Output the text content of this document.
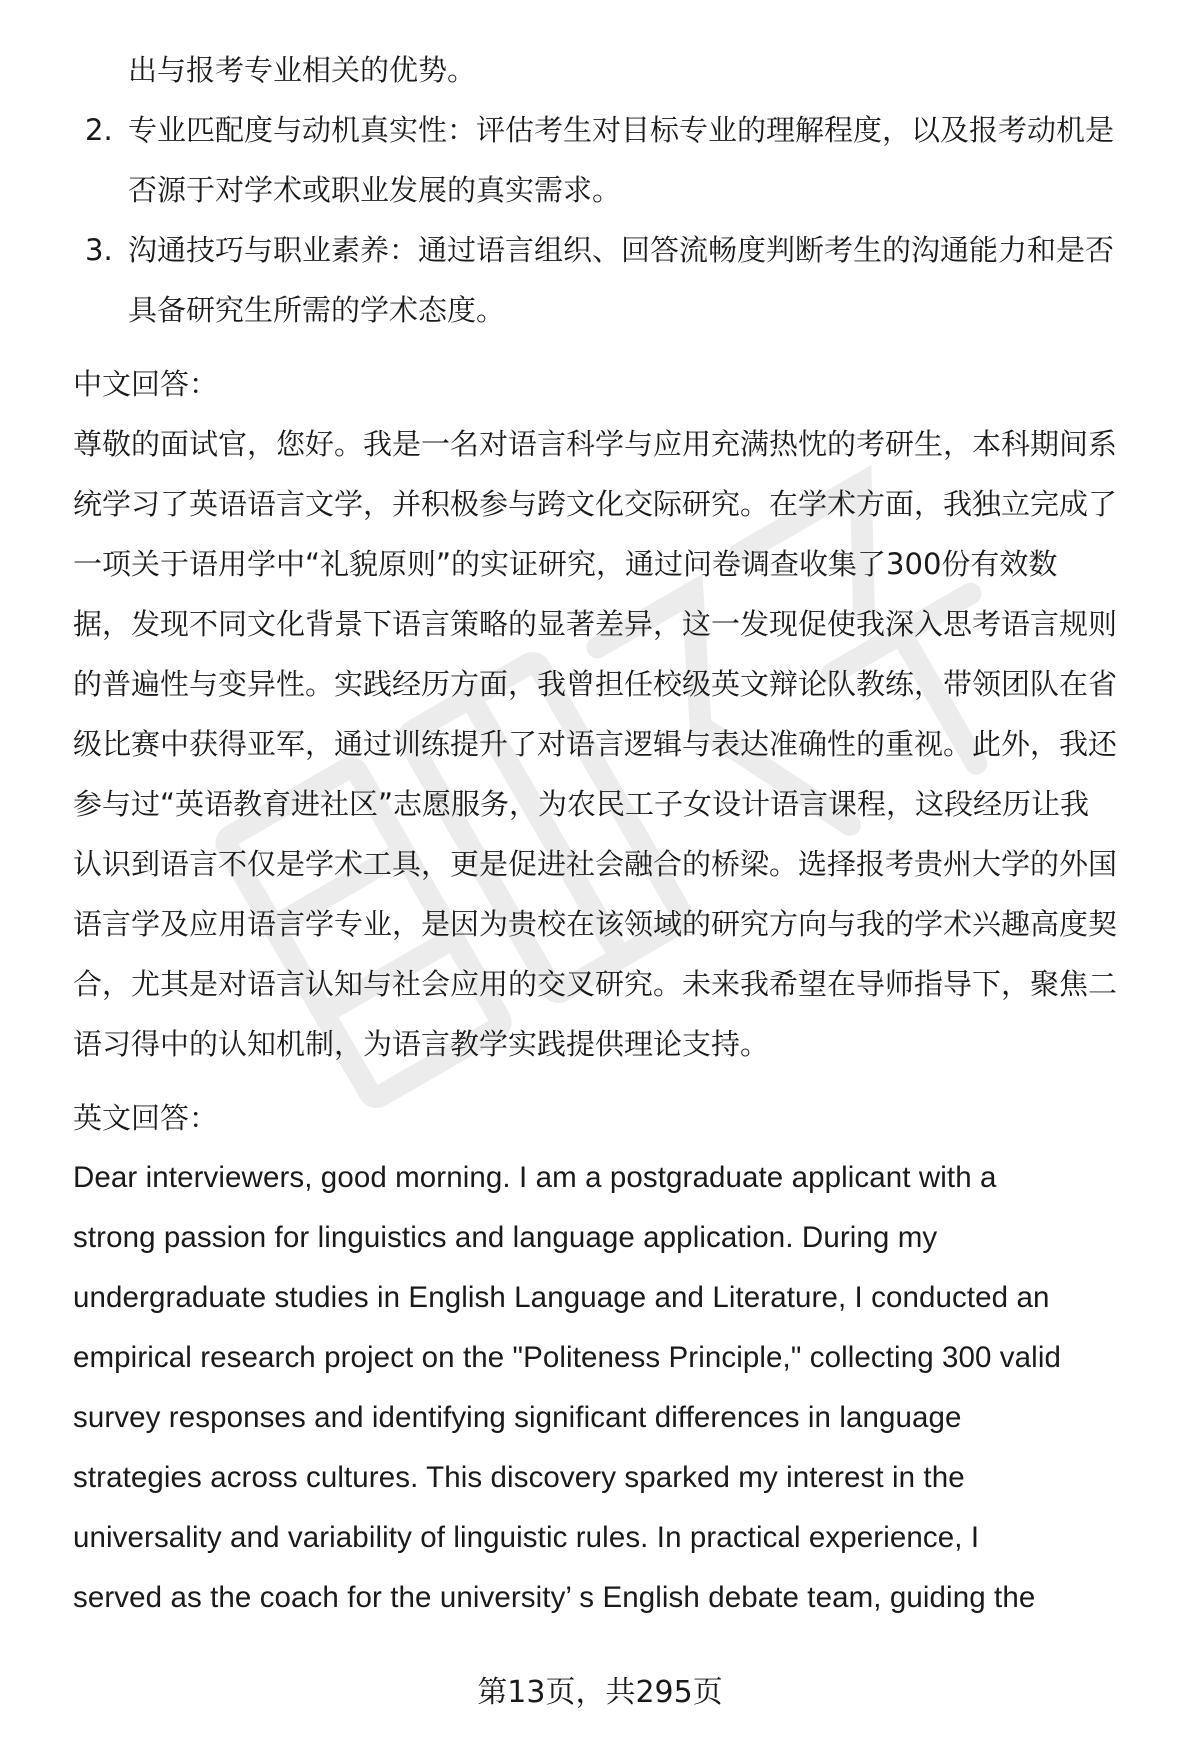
出与报考专业相关的优势。
2. 专业匹配度与动机真实性：评估考生对目标专业的理解程度，以及报考动机是
否源于对学术或职业发展的真实需求。
3. 沟通技巧与职业素养：通过语言组织、回答流畅度判断考生的沟通能力和是否
具备研究生所需的学术态度。
中文回答：
尊敬的面试官，您好。我是一名对语言科学与应用充满热忱的考研生，本科期间系
统学习了英语语言文学，并积极参与跨文化交际研究。在学术方面，我独立完成了
一项关于语用学中“礼貌原则”的实证研究，通过问卷调查收集了300份有效数
据，发现不同文化背景下语言策略的显著差异，这一发现促使我深入思考语言规则
的普遍性与变异性。实践经历方面，我曾担任校级英文辩论队教练，带领团队在省
级比赛中获得亚军，通过训练提升了对语言逻辑与表达准确性的重视。此外，我还
参与过“英语教育进社区”志愿服务，为农民工子女设计语言课程，这段经历让我
认识到语言不仅是学术工具，更是促进社会融合的桥梁。选择报考贵州大学的外国
语言学及应用语言学专业，是因为贵校在该领域的研究方向与我的学术兴趣高度契
合，尤其是对语言认知与社会应用的交叉研究。未来我希望在导师指导下，聚焦二
语习得中的认知机制，为语言教学实践提供理论支持。
英文回答：
Dear interviewers, good morning. I am a postgraduate applicant with a
strong passion for linguistics and language application. During my
undergraduate studies in English Language and Literature, I conducted an
empirical research project on the "Politeness Principle," collecting 300 valid
survey responses and identifying significant differences in language
strategies across cultures. This discovery sparked my interest in the
universality and variability of linguistic rules. In practical experience, I
served as the coach for the university’ s English debate team, guiding the
第13页，共295页
